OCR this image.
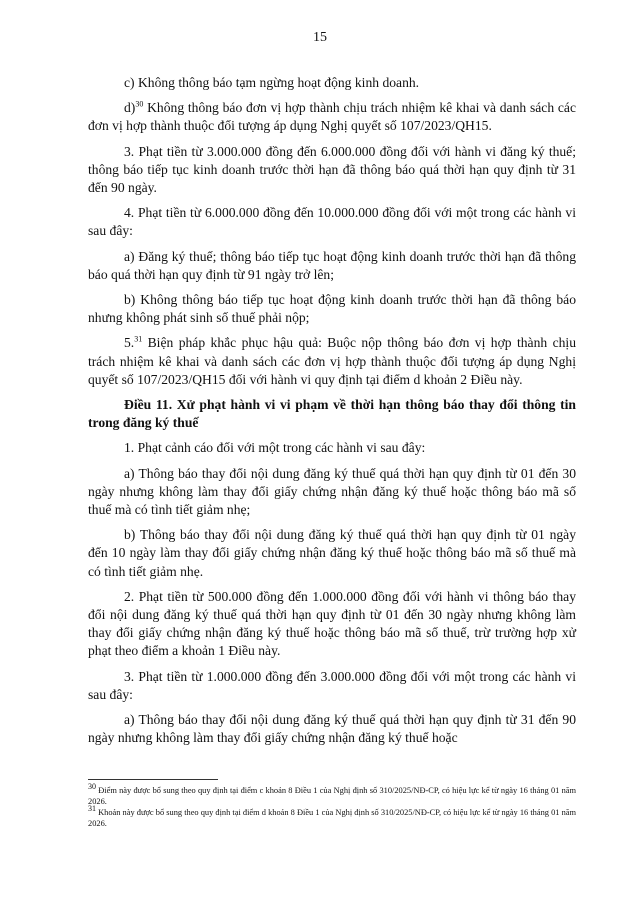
15

c) Không thông báo tạm ngừng hoạt động kinh doanh.

d)$^{30}$ Không thông báo đơn vị hợp thành chịu trách nhiệm kê khai và danh sách các đơn vị hợp thành thuộc đối tượng áp dụng Nghị quyết số 107/2023/QH15.

3. Phạt tiền từ 3.000.000 đồng đến 6.000.000 đồng đối với hành vi đăng ký thuế; thông báo tiếp tục kinh doanh trước thời hạn đã thông báo quá thời hạn quy định từ 31 đến 90 ngày.

4. Phạt tiền từ 6.000.000 đồng đến 10.000.000 đồng đối với một trong các hành vi sau đây:

a) Đăng ký thuế; thông báo tiếp tục hoạt động kinh doanh trước thời hạn đã thông báo quá thời hạn quy định từ 91 ngày trở lên;

b) Không thông báo tiếp tục hoạt động kinh doanh trước thời hạn đã thông báo nhưng không phát sinh số thuế phải nộp;

5.31 Biện pháp khắc phục hậu quả: Buộc nộp thông báo đơn vị hợp thành chịu trách nhiệm kê khai và danh sách các đơn vị hợp thành thuộc đối tượng áp dụng Nghị quyết số 107/2023/QH15 đối với hành vi quy định tại điểm d khoản 2 Điều này.

Điều 11. Xử phạt hành vi vi phạm về thời hạn thông báo thay đổi thông tin trong đăng ký thuế

1. Phạt cảnh cáo đối với một trong các hành vi sau đây:

a) Thông báo thay đổi nội dung đăng ký thuế quá thời hạn quy định từ 01 đến 30 ngày nhưng không làm thay đổi giấy chứng nhận đăng ký thuế hoặc thông báo mã số thuế mà có tình tiết giảm nhẹ;

b) Thông báo thay đổi nội dung đăng ký thuế quá thời hạn quy định từ 01 ngày đến 10 ngày làm thay đổi giấy chứng nhận đăng ký thuế hoặc thông báo mã số thuế mà có tình tiết giảm nhẹ.

2. Phạt tiền từ 500.000 đồng đến 1.000.000 đồng đối với hành vi thông báo thay đổi nội dung đăng ký thuế quá thời hạn quy định từ 01 đến 30 ngày nhưng không làm thay đổi giấy chứng nhận đăng ký thuế hoặc thông báo mã số thuế, trừ trường hợp xử phạt theo điểm a khoản 1 Điều này.

3. Phạt tiền từ 1.000.000 đồng đến 3.000.000 đồng đối với một trong các hành vi sau đây:

a) Thông báo thay đổi nội dung đăng ký thuế quá thời hạn quy định từ 31 đến 90 ngày nhưng không làm thay đổi giấy chứng nhận đăng ký thuế hoặc

$^{30}$ Điểm này được bổ sung theo quy định tại điểm c khoản 8 Điều 1 của Nghị định số 310/2025/NĐ-CP, có hiệu lực kể từ ngày 16 tháng 01 năm 2026.

$^{31}$ Khoản này được bổ sung theo quy định tại điểm d khoản 8 Điều 1 của Nghị định số 310/2025/NĐ-CP, có hiệu lực kể từ ngày 16 tháng 01 năm 2026.
